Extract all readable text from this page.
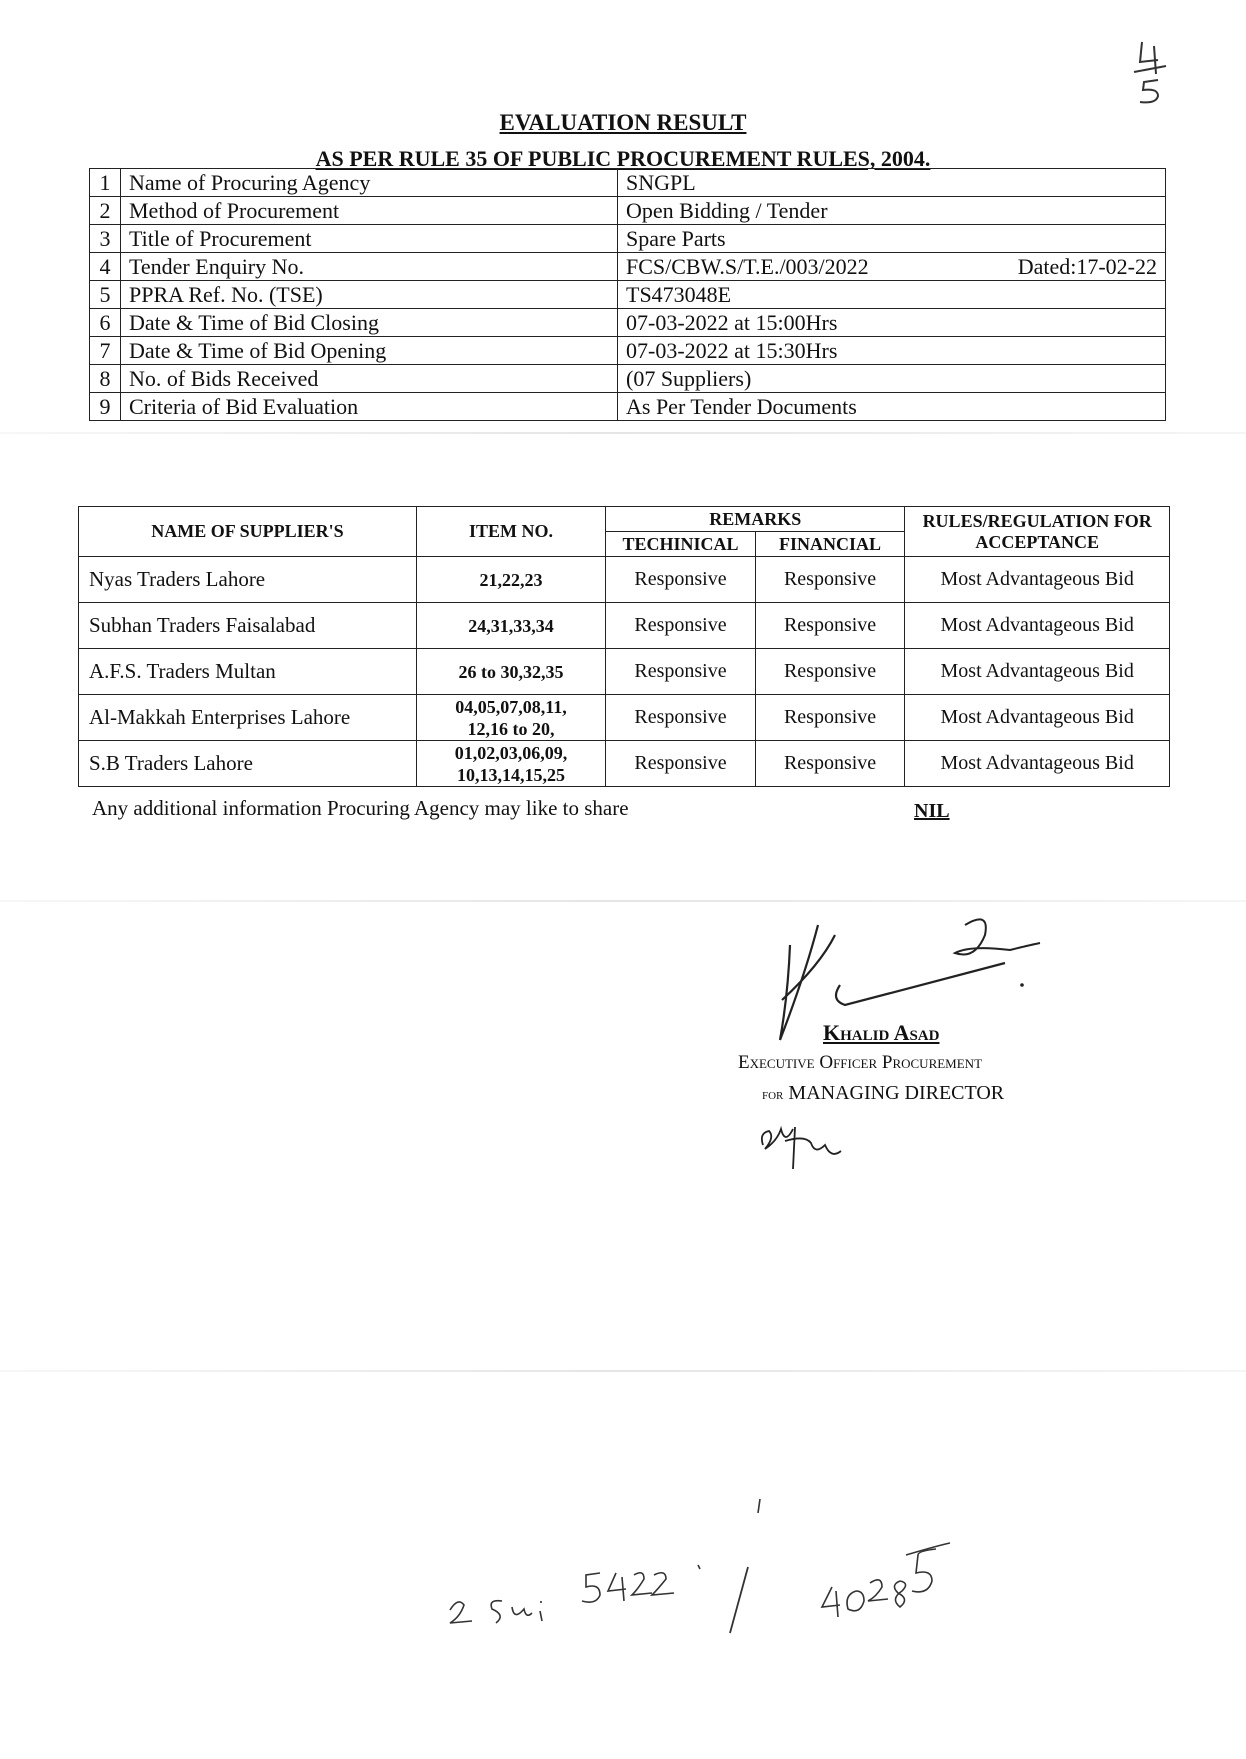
EVALUATION RESULT
AS PER RULE 35 OF PUBLIC PROCUREMENT RULES, 2004.
1	Name of Procuring Agency	SNGPL
2	Method of Procurement	Open Bidding / Tender
3	Title of Procurement	Spare Parts
4	Tender Enquiry No.	FCS/CBW.S/T.E./003/2022 Dated:17-02-22

5	PPRA Ref. No. (TSE)	TS473048E
6	Date & Time of Bid Closing	07-03-2022 at 15:00Hrs
7	Date & Time of Bid Opening	07-03-2022 at 15:30Hrs
8	No. of Bids Received	(07 Suppliers)
9	Criteria of Bid Evaluation	As Per Tender Documents
NAME OF SUPPLIER'S	ITEM NO.	REMARKS		RULES/REGULATION FOR ACCEPTANCE
		TECHINICAL	FINANCIAL	
Nyas Traders Lahore	21,22,23	Responsive	Responsive	Most Advantageous Bid
Subhan Traders Faisalabad	24,31,33,34	Responsive	Responsive	Most Advantageous Bid
A.F.S. Traders Multan	26 to 30,32,35	Responsive	Responsive	Most Advantageous Bid
Al-Makkah Enterprises Lahore	04,05,07,08,11,
12,16 to 20,	Responsive	Responsive	Most Advantageous Bid
S.B Traders Lahore	01,02,03,06,09,
10,13,14,15,25	Responsive	Responsive	Most Advantageous Bid
Any additional information Procuring Agency may like to share	NIL
Khalid Asad
Executive Officer Procurement
for MANAGING DIRECTOR
